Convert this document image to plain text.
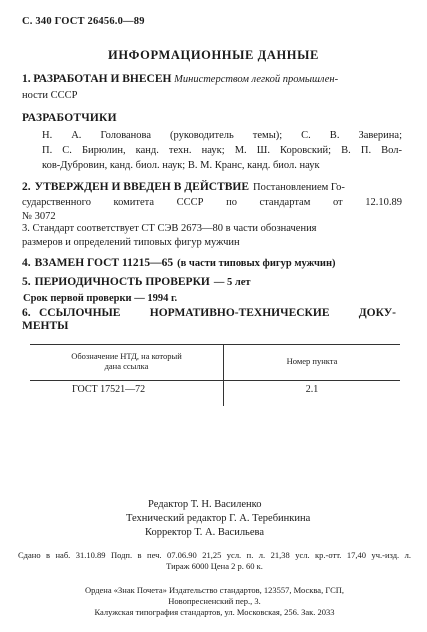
С. 340 ГОСТ 26456.0—89
ИНФОРМАЦИОННЫЕ ДАННЫЕ
1. РАЗРАБОТАН И ВНЕСЕН Министерством легкой промышлен-
ности СССР
РАЗРАБОТЧИКИ
Н. А. Голованова (руководитель темы); С. В. Заверина;
П. С. Бирюлин, канд. техн. наук; М. Ш. Коровский; В. П. Вол-
ков-Дубровин, канд. биол. наук; В. М. Кранс, канд. биол. наук
2. УТВЕРЖДЕН И ВВЕДЕН В ДЕЙСТВИЕ Постановлением Го-
сударственного комитета СССР по стандартам от 12.10.89
№ 3072
3. Стандарт соответствует СТ СЭВ 2673—80 в части обозначения
размеров и определений типовых фигур мужчин
4. ВЗАМЕН ГОСТ 11215—65 (в части типовых фигур мужчин)
5. ПЕРИОДИЧНОСТЬ ПРОВЕРКИ — 5 лет
Срок первой проверки — 1994 г.
6. ССЫЛОЧНЫЕ НОРМАТИВНО-ТЕХНИЧЕСКИЕ ДОКУ-
МЕНТЫ
Обозначение НТД, на который
дана ссылка	Номер пункта
ГОСТ 17521—72	2.1
Редактор Т. Н. Василенко
Технический редактор Г. А. Теребинкина
Корректор Т. А. Васильева
Сдано в наб. 31.10.89 Подп. в печ. 07.06.90 21,25 усл. п. л. 21,38 усл. кр.-отт. 17,40 уч.-изд. л.
Тираж 6000 Цена 2 р. 60 к.
Ордена «Знак Почета» Издательство стандартов, 123557, Москва, ГСП,
Новопресненский пер., 3.
Калужская типография стандартов, ул. Московская, 256. Зак. 2033
